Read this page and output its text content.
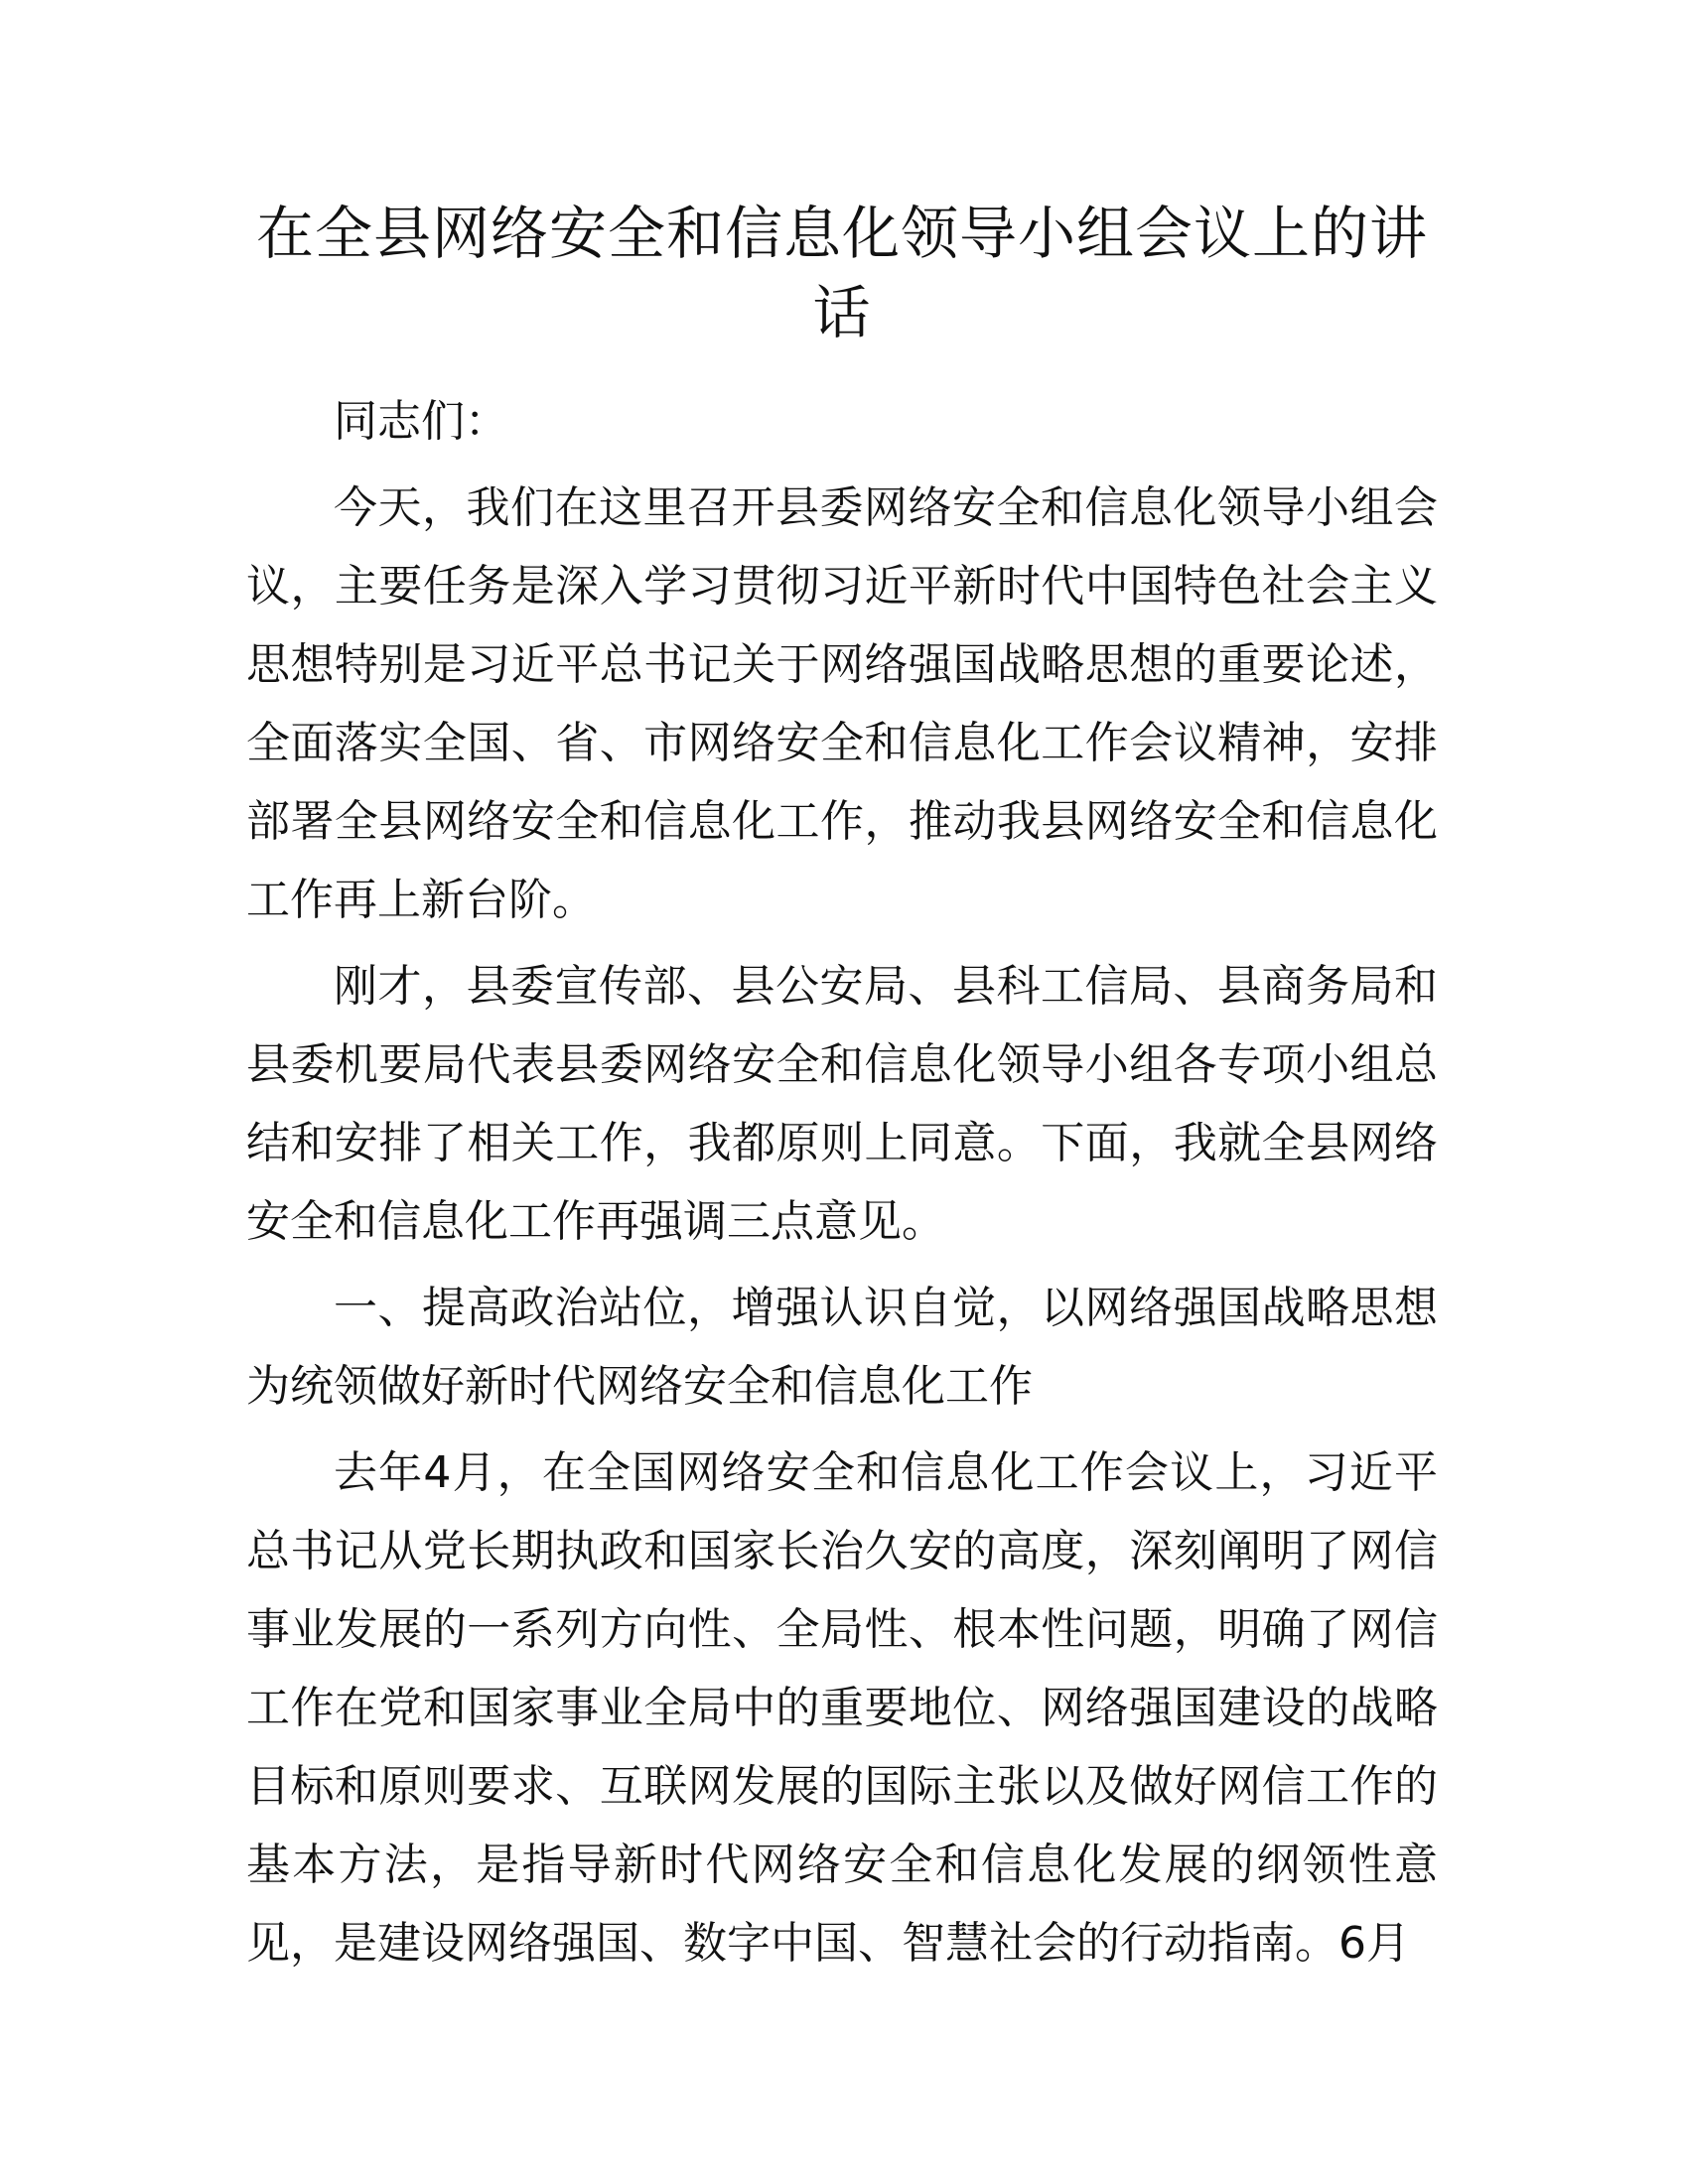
在全县网络安全和信息化领导小组会议上的讲话

同志们：

今天，我们在这里召开县委网络安全和信息化领导小组会议，主要任务是深入学习贯彻习近平新时代中国特色社会主义思想特别是习近平总书记关于网络强国战略思想的重要论述，全面落实全国、省、市网络安全和信息化工作会议精神，安排部署全县网络安全和信息化工作，推动我县网络安全和信息化工作再上新台阶。

刚才，县委宣传部、县公安局、县科工信局、县商务局和县委机要局代表县委网络安全和信息化领导小组各专项小组总结和安排了相关工作，我都原则上同意。下面，我就全县网络安全和信息化工作再强调三点意见。

一、提高政治站位，增强认识自觉，以网络强国战略思想为统领做好新时代网络安全和信息化工作

去年4月，在全国网络安全和信息化工作会议上，习近平总书记从党长期执政和国家长治久安的高度，深刻阐明了网信事业发展的一系列方向性、全局性、根本性问题，明确了网信工作在党和国家事业全局中的重要地位、网络强国建设的战略目标和原则要求、互联网发展的国际主张以及做好网信工作的基本方法，是指导新时代网络安全和信息化发展的纲领性意见，是建设网络强国、数字中国、智慧社会的行动指南。6月
